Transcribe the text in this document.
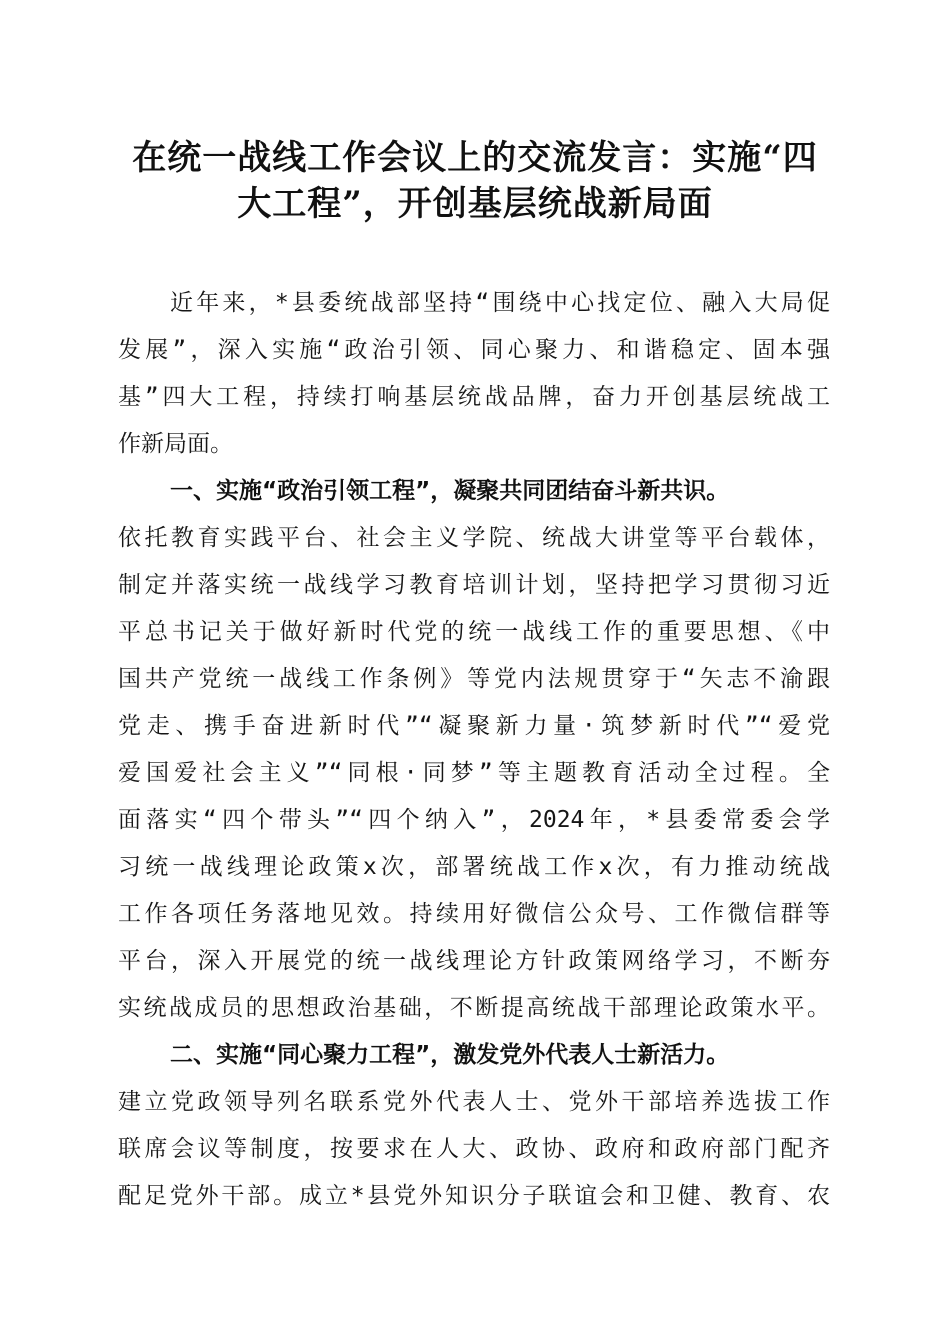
在统一战线工作会议上的交流发言：实施“四
大工程”，开创基层统战新局面
近年来，*县委统战部坚持“围绕中心找定位、融入大局促
发展”，深入实施“政治引领、同心聚力、和谐稳定、固本强
基”四大工程，持续打响基层统战品牌，奋力开创基层统战工
作新局面。
一、实施“政治引领工程”，凝聚共同团结奋斗新共识。
依托教育实践平台、社会主义学院、统战大讲堂等平台载体，
制定并落实统一战线学习教育培训计划，坚持把学习贯彻习近
平总书记关于做好新时代党的统一战线工作的重要思想、《中
国共产党统一战线工作条例》等党内法规贯穿于“矢志不渝跟
党走、携手奋进新时代”“凝聚新力量·筑梦新时代”“爱党
爱国爱社会主义”“同根·同梦”等主题教育活动全过程。全
面落实“四个带头”“四个纳入”，2024年，*县委常委会学
习统一战线理论政策x次，部署统战工作x次，有力推动统战
工作各项任务落地见效。持续用好微信公众号、工作微信群等
平台，深入开展党的统一战线理论方针政策网络学习，不断夯
实统战成员的思想政治基础，不断提高统战干部理论政策水平。
二、实施“同心聚力工程”，激发党外代表人士新活力。
建立党政领导列名联系党外代表人士、党外干部培养选拔工作
联席会议等制度，按要求在人大、政协、政府和政府部门配齐
配足党外干部。成立*县党外知识分子联谊会和卫健、教育、农
